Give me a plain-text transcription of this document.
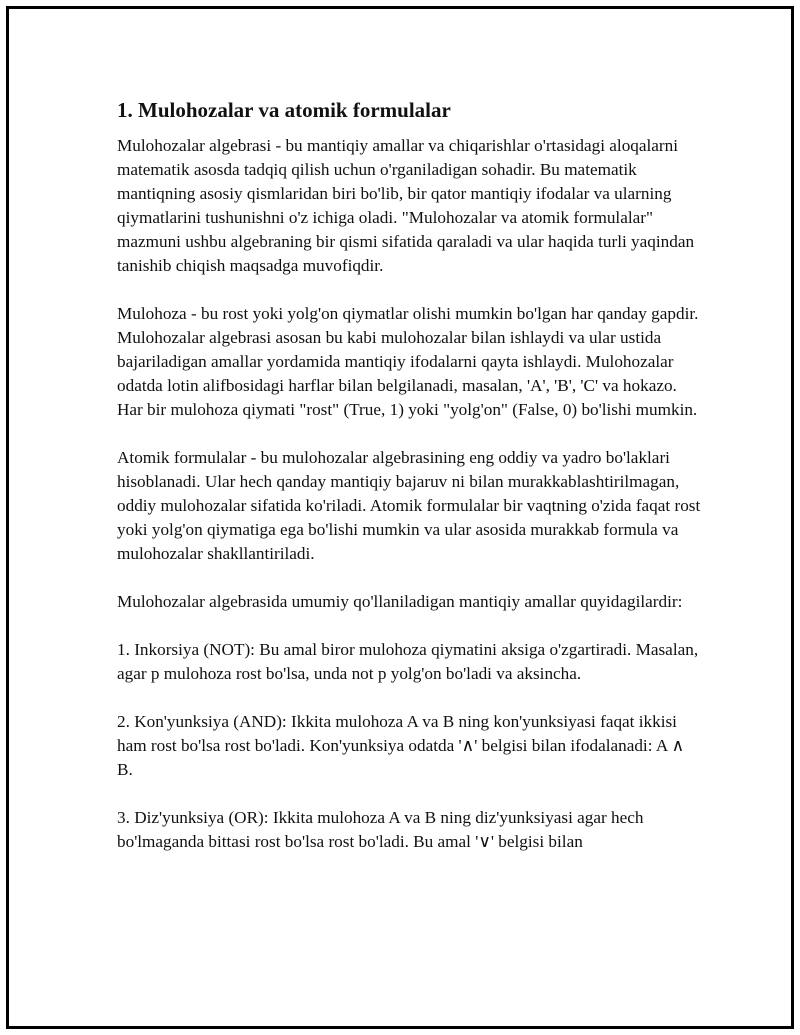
1. Mulohozalar va atomik formulalar

Mulohozalar algebrasi - bu mantiqiy amallar va chiqarishlar o'rtasidagi aloqalarni matematik asosda tadqiq qilish uchun o'rganiladigan sohadir. Bu matematik mantiqning asosiy qismlaridan biri bo'lib, bir qator mantiqiy ifodalar va ularning qiymatlarini tushunishni o'z ichiga oladi. "Mulohozalar va atomik formulalar" mazmuni ushbu algebraning bir qismi sifatida qaraladi va ular haqida turli yaqindan tanishib chiqish maqsadga muvofiqdir.

Mulohoza - bu rost yoki yolg'on qiymatlar olishi mumkin bo'lgan har qanday gapdir. Mulohozalar algebrasi asosan bu kabi mulohozalar bilan ishlaydi va ular ustida bajariladigan amallar yordamida mantiqiy ifodalarni qayta ishlaydi. Mulohozalar odatda lotin alifbosidagi harflar bilan belgilanadi, masalan, 'A', 'B', 'C' va hokazo. Har bir mulohoza qiymati "rost" (True, 1) yoki "yolg'on" (False, 0) bo'lishi mumkin.

Atomik formulalar - bu mulohozalar algebrasining eng oddiy va yadro bo'laklari hisoblanadi. Ular hech qanday mantiqiy bajaruv ni bilan murakkablashtirilmagan, oddiy mulohozalar sifatida ko'riladi. Atomik formulalar bir vaqtning o'zida faqat rost yoki yolg'on qiymatiga ega bo'lishi mumkin va ular asosida murakkab formula va mulohozalar shakllantiriladi.

Mulohozalar algebrasida umumiy qo'llaniladigan mantiqiy amallar quyidagilardir:

1. Inkorsiya (NOT): Bu amal biror mulohoza qiymatini aksiga o'zgartiradi. Masalan, agar p mulohoza rost bo'lsa, unda not p yolg'on bo'ladi va aksincha.

2. Kon'yunksiya (AND): Ikkita mulohoza A va B ning kon'yunksiyasi faqat ikkisi ham rost bo'lsa rost bo'ladi. Kon'yunksiya odatda '∧' belgisi bilan ifodalanadi: A ∧ B.

3. Diz'yunksiya (OR): Ikkita mulohoza A va B ning diz'yunksiyasi agar hech bo'lmaganda bittasi rost bo'lsa rost bo'ladi. Bu amal '∨' belgisi bilan
